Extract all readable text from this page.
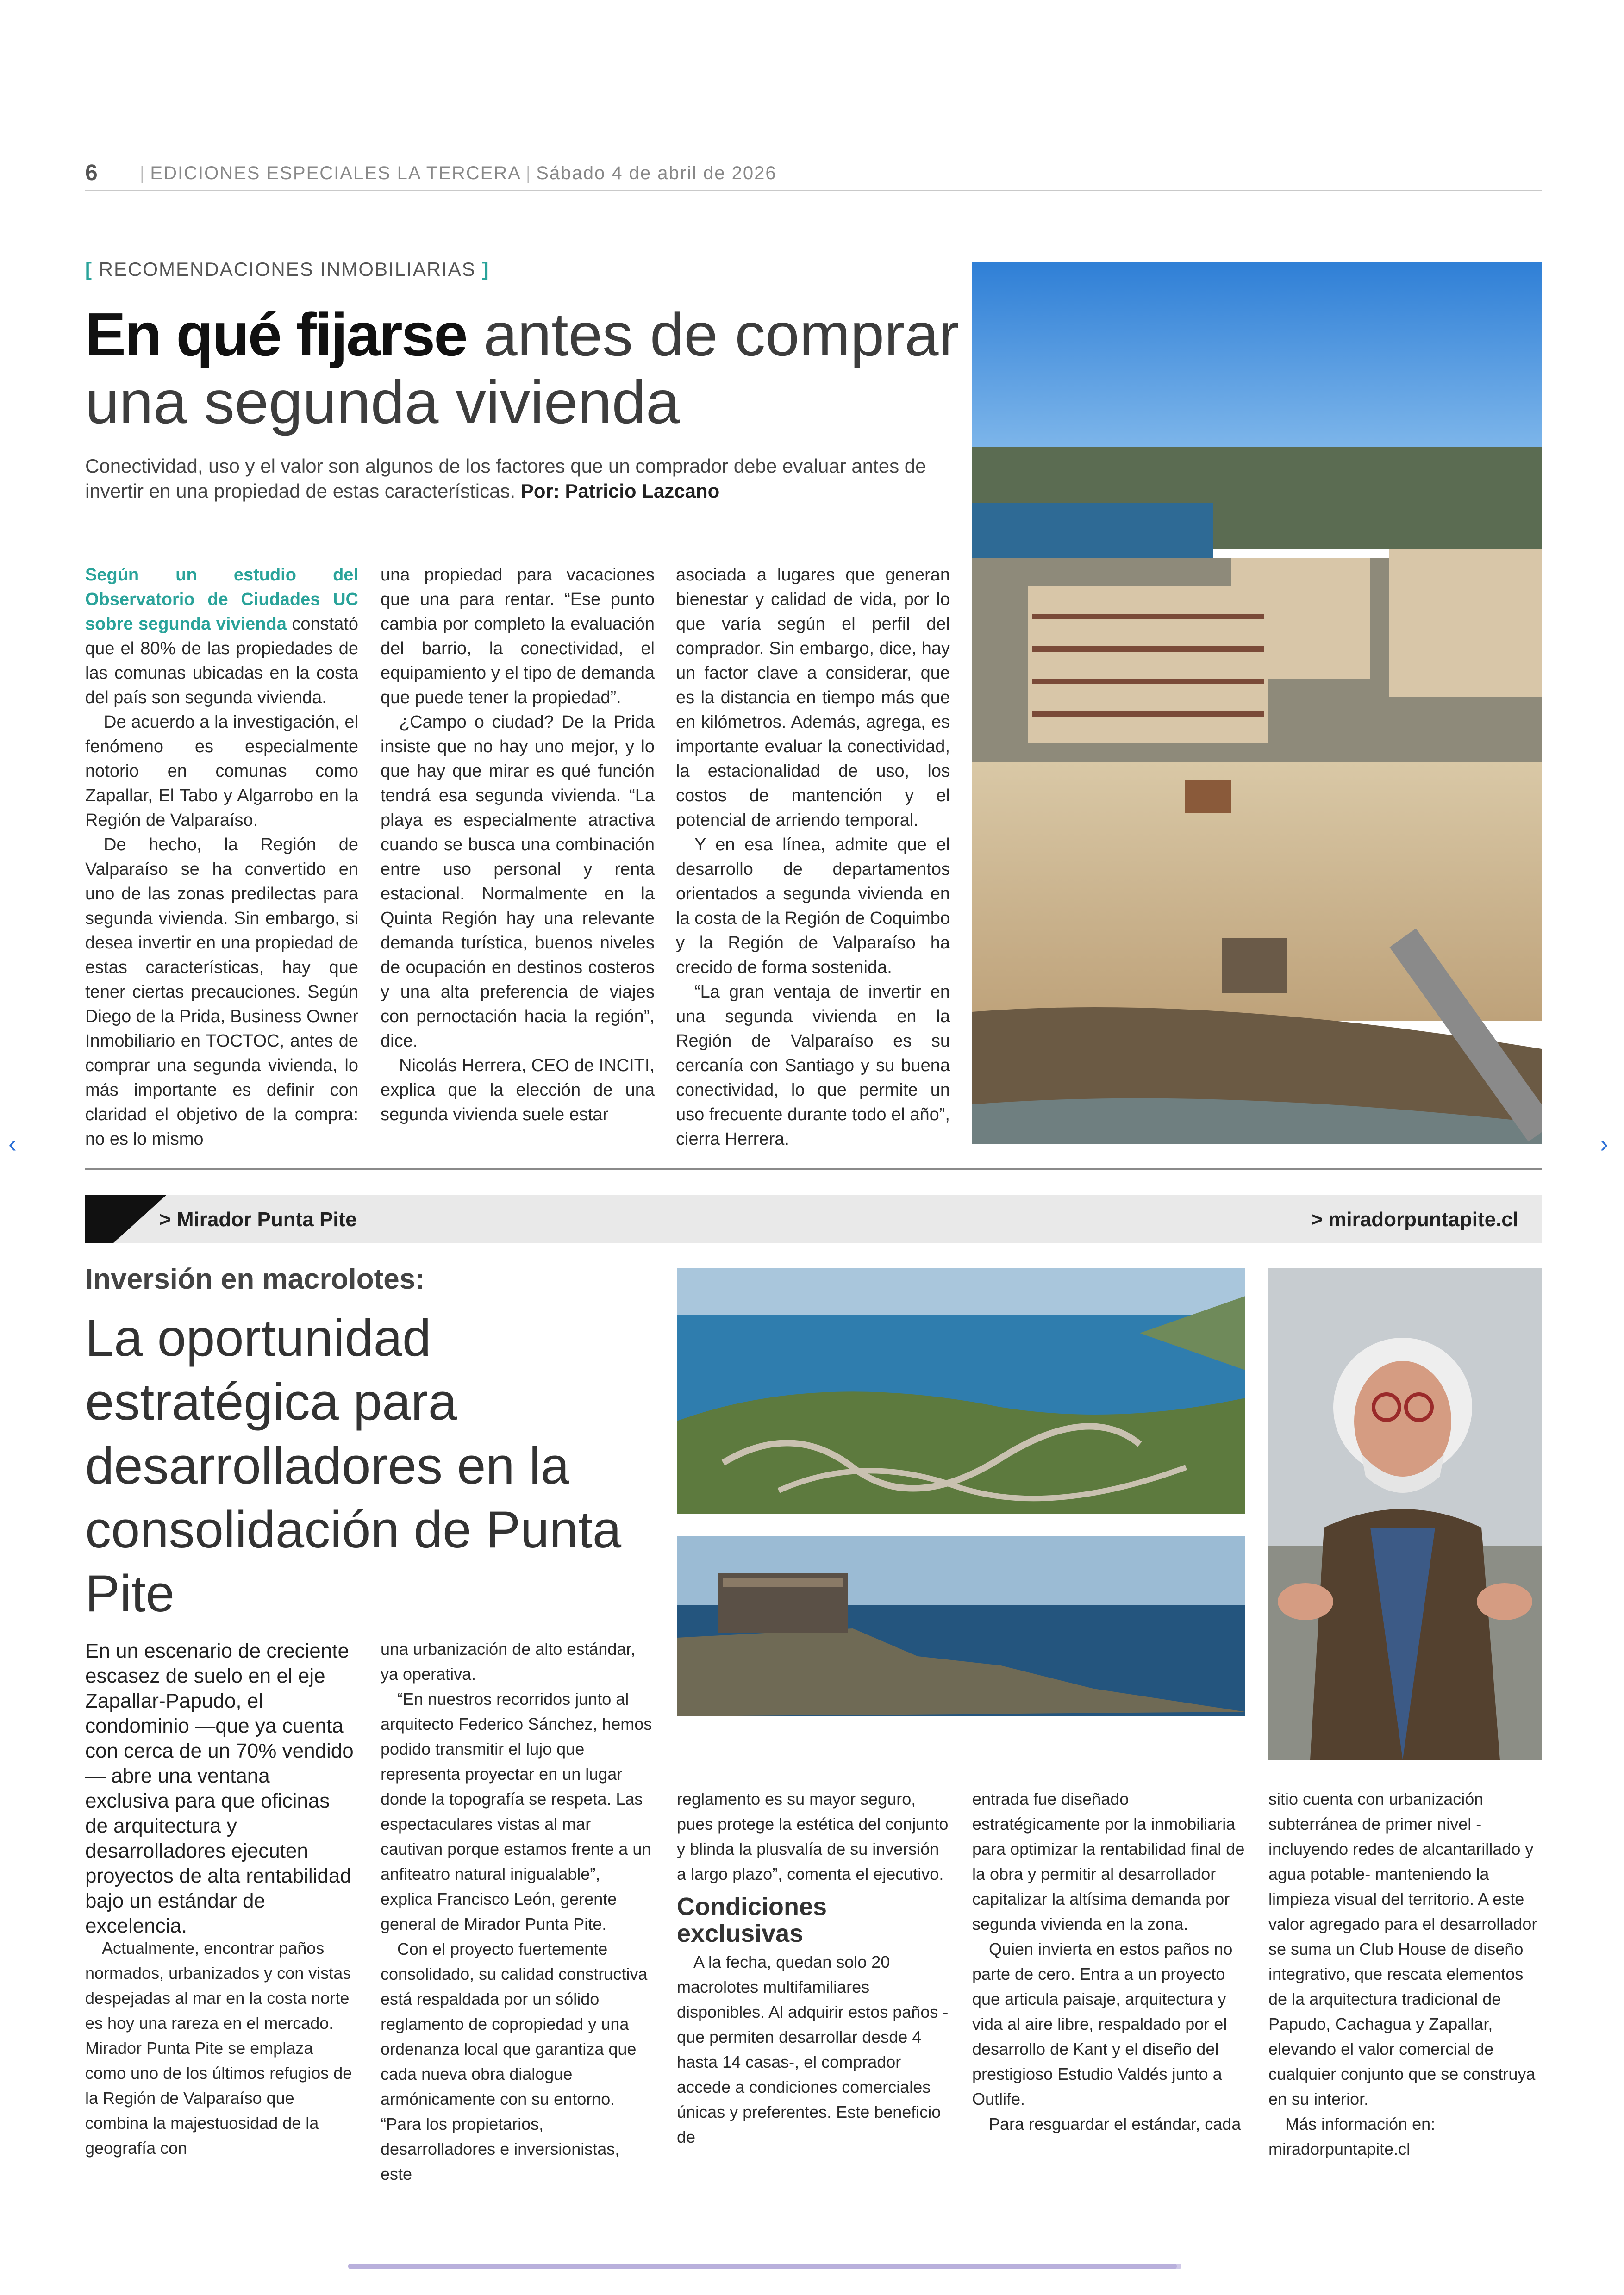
6 | EDICIONES ESPECIALES LA TERCERA | Sábado 4 de abril de 2026
[ RECOMENDACIONES INMOBILIARIAS ]
En qué fijarse antes de comprar una segunda vivienda
Conectividad, uso y el valor son algunos de los factores que un comprador debe evaluar antes de invertir en una propiedad de estas características. Por: Patricio Lazcano

Según un estudio del Observatorio de Ciudades UC sobre segunda vivienda constató que el 80% de las propiedades de las comunas ubicadas en la costa del país son segunda vivienda.

De acuerdo a la investigación, el fenómeno es especialmente notorio en comunas como Zapallar, El Tabo y Algarrobo en la Región de Valparaíso.

De hecho, la Región de Valparaíso se ha convertido en uno de las zonas predilectas para segunda vivienda. Sin embargo, si desea invertir en una propiedad de estas características, hay que tener ciertas precauciones. Según Diego de la Prida, Business Owner Inmobiliario en TOCTOC, antes de comprar una segunda vivienda, lo más importante es definir con claridad el objetivo de la compra: no es lo mismo

una propiedad para vacaciones que una para rentar. “Ese punto cambia por completo la evaluación del barrio, la conectividad, el equipamiento y el tipo de demanda que puede tener la propiedad”.

¿Campo o ciudad? De la Prida insiste que no hay uno mejor, y lo que hay que mirar es qué función tendrá esa segunda vivienda. “La playa es especialmente atractiva cuando se busca una combinación entre uso personal y renta estacional. Normalmente en la Quinta Región hay una relevante demanda turística, buenos niveles de ocupación en destinos costeros y una alta preferencia de viajes con pernoctación hacia la región”, dice.

Nicolás Herrera, CEO de INCITI, explica que la elección de una segunda vivienda suele estar

asociada a lugares que generan bienestar y calidad de vida, por lo que varía según el perfil del comprador. Sin embargo, dice, hay un factor clave a considerar, que es la distancia en tiempo más que en kilómetros. Además, agrega, es importante evaluar la conectividad, la estacionalidad de uso, los costos de mantención y el potencial de arriendo temporal.

Y en esa línea, admite que el desarrollo de departamentos orientados a segunda vivienda en la costa de la Región de Coquimbo y la Región de Valparaíso ha crecido de forma sostenida.

“La gran ventaja de invertir en una segunda vivienda en la Región de Valparaíso es su cercanía con Santiago y su buena conectividad, lo que permite un uso frecuente durante todo el año”, cierra Herrera.

> Mirador Punta Pite	> miradorpuntapite.cl
Inversión en macrolotes:
La oportunidad estratégica para desarrolladores en la consolidación de Punta Pite
En un escenario de creciente escasez de suelo en el eje Zapallar-Papudo, el condominio —que ya cuenta con cerca de un 70% vendido— abre una ventana exclusiva para que oficinas de arquitectura y desarrolladores ejecuten proyectos de alta rentabilidad bajo un estándar de excelencia.

Actualmente, encontrar paños normados, urbanizados y con vistas despejadas al mar en la costa norte es hoy una rareza en el mercado. Mirador Punta Pite se emplaza como uno de los últimos refugios de la Región de Valparaíso que combina la majestuosidad de la geografía con

una urbanización de alto estándar, ya operativa.

“En nuestros recorridos junto al arquitecto Federico Sánchez, hemos podido transmitir el lujo que representa proyectar en un lugar donde la topografía se respeta. Las espectaculares vistas al mar cautivan porque estamos frente a un anfiteatro natural inigualable”, explica Francisco León, gerente general de Mirador Punta Pite.

Con el proyecto fuertemente consolidado, su calidad constructiva está respaldada por un sólido reglamento de copropiedad y una ordenanza local que garantiza que cada nueva obra dialogue armónicamente con su entorno. “Para los propietarios, desarrolladores e inversionistas, este

reglamento es su mayor seguro, pues protege la estética del conjunto y blinda la plusvalía de su inversión a largo plazo”, comenta el ejecutivo.

Condiciones exclusivas

A la fecha, quedan solo 20 macrolotes multifamiliares disponibles. Al adquirir estos paños -que permiten desarrollar desde 4 hasta 14 casas-, el comprador accede a condiciones comerciales únicas y preferentes. Este beneficio de

entrada fue diseñado estratégicamente por la inmobiliaria para optimizar la rentabilidad final de la obra y permitir al desarrollador capitalizar la altísima demanda por segunda vivienda en la zona.

Quien invierta en estos paños no parte de cero. Entra a un proyecto que articula paisaje, arquitectura y vida al aire libre, respaldado por el desarrollo de Kant y el diseño del prestigioso Estudio Valdés junto a Outlife.

Para resguardar el estándar, cada

sitio cuenta con urbanización subterránea de primer nivel -incluyendo redes de alcantarillado y agua potable- manteniendo la limpieza visual del territorio. A este valor agregado para el desarrollador se suma un Club House de diseño integrativo, que rescata elementos de la arquitectura tradicional de Papudo, Cachagua y Zapallar, elevando el valor comercial de cualquier conjunto que se construya en su interior.

Más información en: miradorpuntapite.cl

‹	›
